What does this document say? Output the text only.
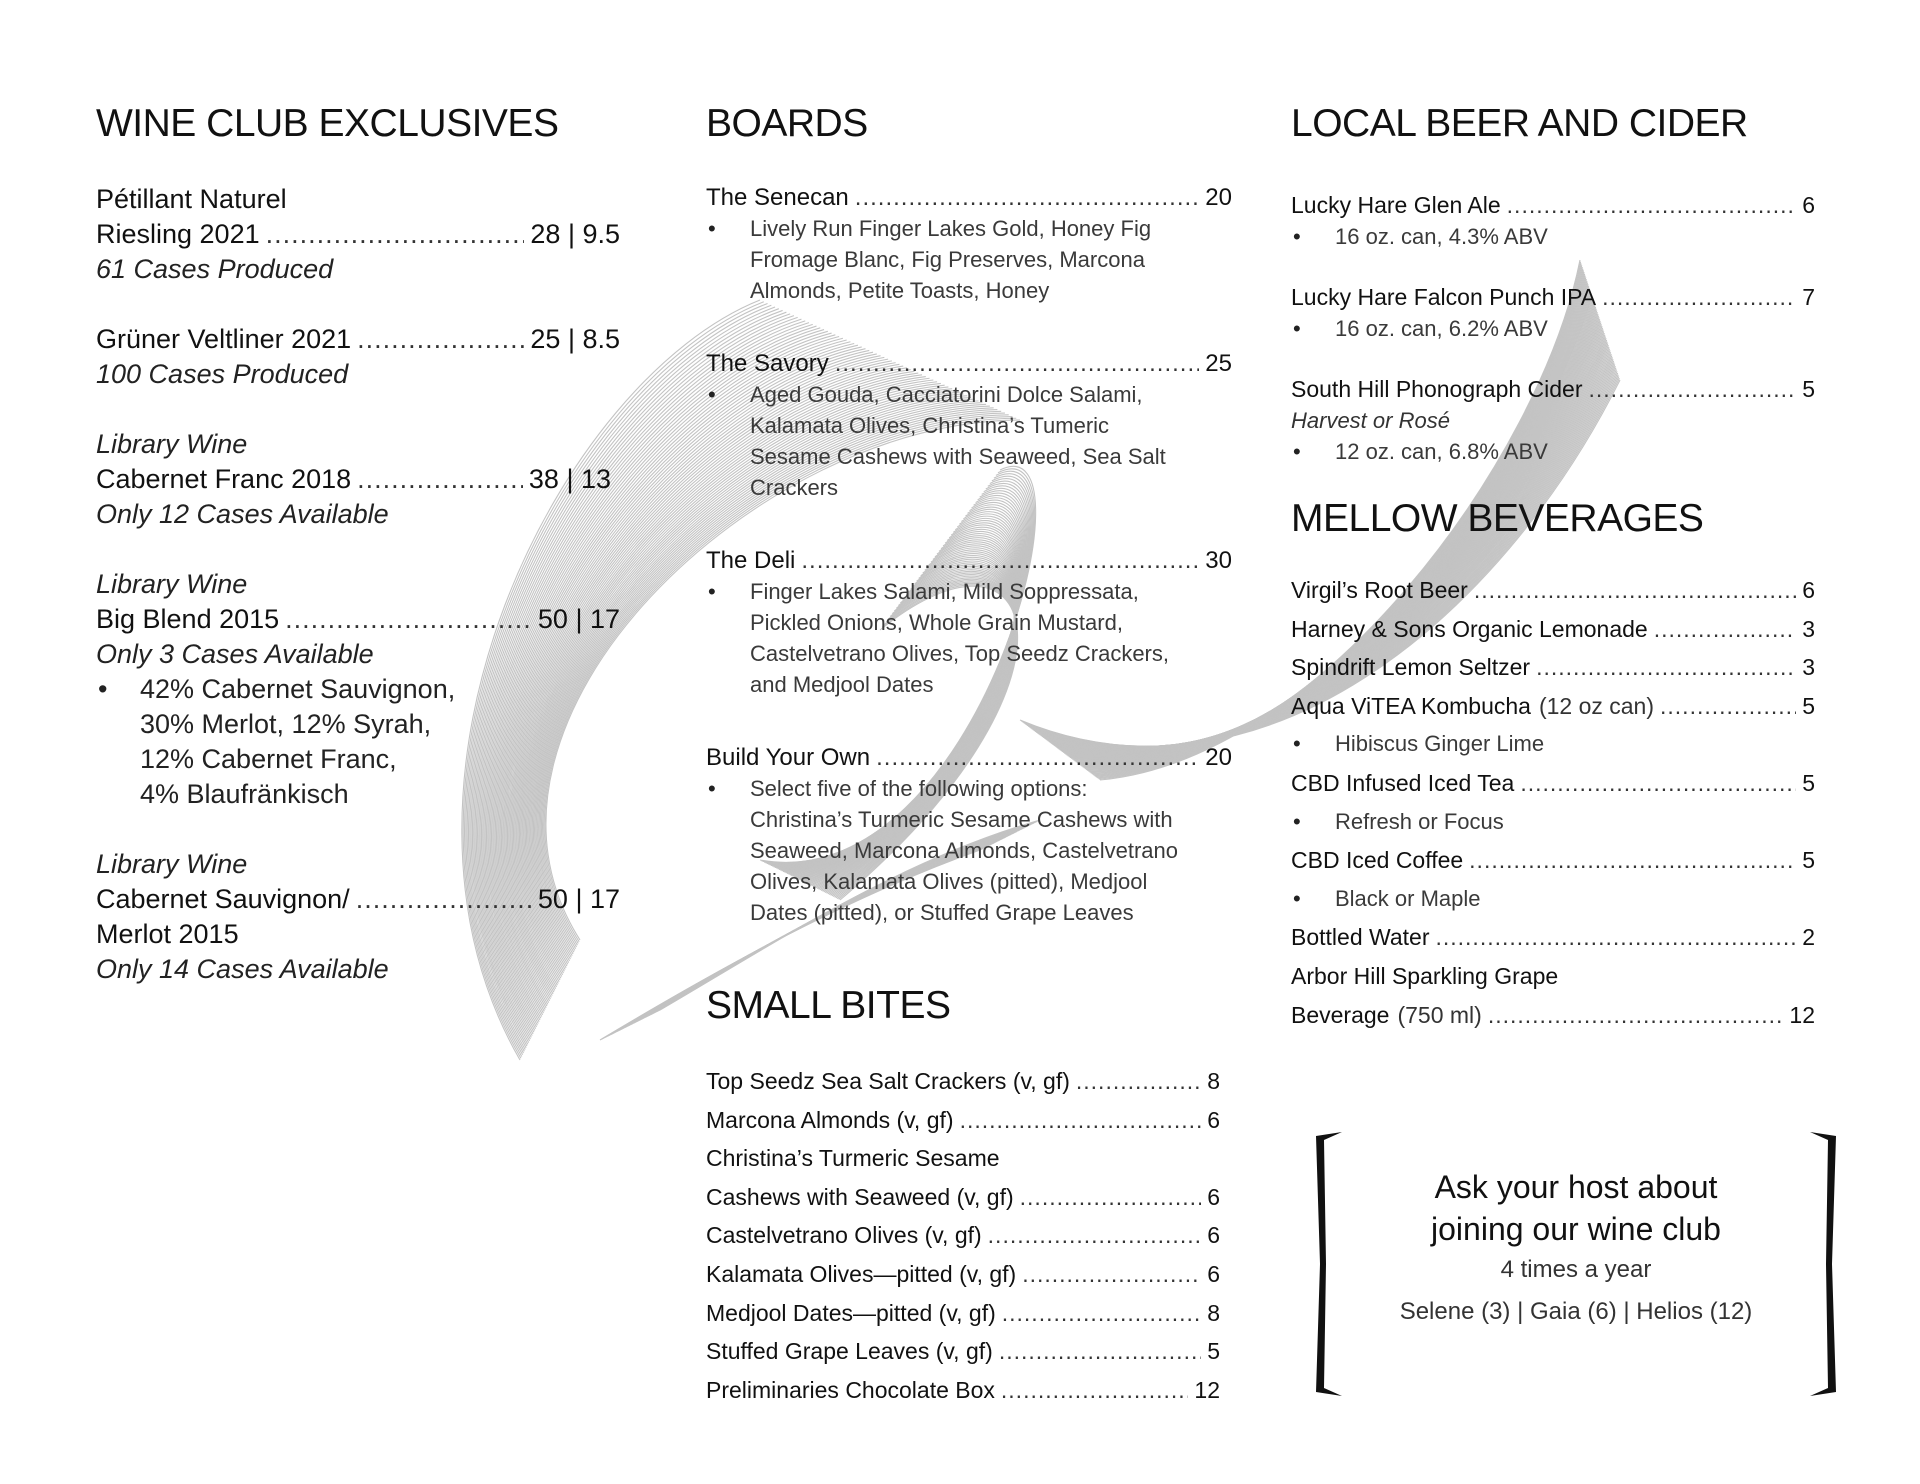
WINE CLUB EXCLUSIVES
Pétillant Naturel
Riesling 2021 .....	28 | 9.5
61 Cases Produced
Grüner Veltliner 2021 .....	25 | 8.5
100 Cases Produced
Library Wine
Cabernet Franc 2018 .....	38 | 13
Only 12 Cases Available
Library Wine
Big Blend 2015 .....	50 | 17
Only 3 Cases Available
• 42% Cabernet Sauvignon,
30% Merlot, 12% Syrah,
12% Cabernet Franc,
4% Blaufränkisch
Library Wine
Cabernet Sauvignon/ .....	50 | 17
Merlot 2015
Only 14 Cases Available
BOARDS
The Senecan .....	20
• Lively Run Finger Lakes Gold, Honey Fig Fromage Blanc, Fig Preserves, Marcona Almonds, Petite Toasts, Honey
The Savory .....	25
• Aged Gouda, Cacciatorini Dolce Salami, Kalamata Olives, Christina’s Tumeric Sesame Cashews with Seaweed, Sea Salt Crackers
The Deli .....	30
• Finger Lakes Salami, Mild Soppressata, Pickled Onions, Whole Grain Mustard, Castelvetrano Olives, Top Seedz Crackers, and Medjool Dates
Build Your Own .....	20
• Select five of the following options: Christina’s Turmeric Sesame Cashews with Seaweed, Marcona Almonds, Castelvetrano Olives, Kalamata Olives (pitted), Medjool Dates (pitted), or Stuffed Grape Leaves
SMALL BITES
Top Seedz Sea Salt Crackers (v, gf) .....	8
Marcona Almonds (v, gf) .....	6
Christina’s Turmeric Sesame
Cashews with Seaweed (v, gf) .....	6
Castelvetrano Olives (v, gf) .....	6
Kalamata Olives—pitted (v, gf) .....	6
Medjool Dates—pitted (v, gf) .....	8
Stuffed Grape Leaves (v, gf) .....	5
Preliminaries Chocolate Box .....	12
LOCAL BEER AND CIDER
Lucky Hare Glen Ale .....	6
• 16 oz. can, 4.3% ABV
Lucky Hare Falcon Punch IPA .....	7
• 16 oz. can, 6.2% ABV
South Hill Phonograph Cider .....	5
Harvest or Rosé
• 12 oz. can, 6.8% ABV
MELLOW BEVERAGES
Virgil’s Root Beer .....	6
Harney & Sons Organic Lemonade .....	3
Spindrift Lemon Seltzer .....	3
Aqua ViTEA Kombucha (12 oz can) .....	5
• Hibiscus Ginger Lime
CBD Infused Iced Tea .....	5
• Refresh or Focus
CBD Iced Coffee .....	5
• Black or Maple
Bottled Water .....	2
Arbor Hill Sparkling Grape
Beverage (750 ml) .....	12
Ask your host about
joining our wine club
4 times a year
Selene (3) | Gaia (6) | Helios (12)
